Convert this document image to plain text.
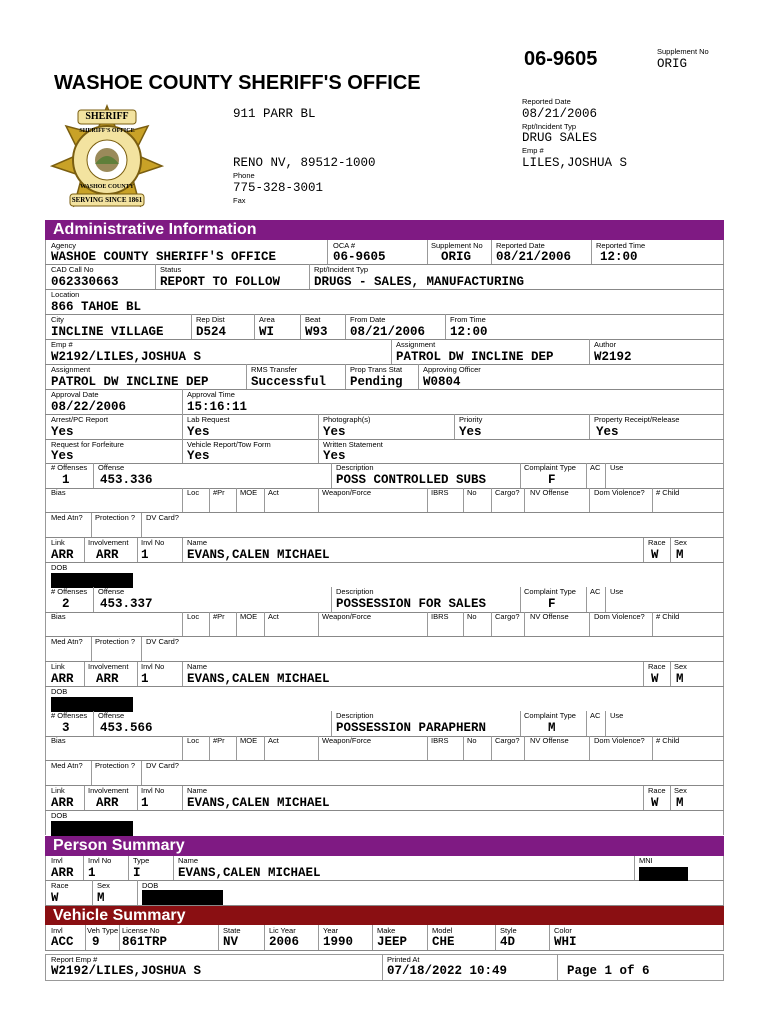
06-9605	Supplement No
ORIG
WASHOE COUNTY SHERIFF'S OFFICE
SHERIFF
SHERIFF'S OFFICE
WASHOE COUNTY
SERVING SINCE 1861
911 PARR BL
RENO NV, 89512-1000
Phone
775-328-3001
Fax
Reported Date
08/21/2006
Rpt/Incident Typ
DRUG SALES
Emp #
LILES,JOSHUA S
Administrative Information
Agency
WASHOE COUNTY SHERIFF'S OFFICE
OCA #
06-9605
Supplement No
ORIG
Reported Date
08/21/2006
Reported Time
12:00
CAD Call No
062330663
Status
REPORT TO FOLLOW
Rpt/Incident Typ
DRUGS - SALES, MANUFACTURING
Location
866 TAHOE BL
City
INCLINE VILLAGE
Rep Dist
D524
Area
WI
Beat
W93
From Date
08/21/2006
From Time
12:00
Emp #
W2192/LILES,JOSHUA S
Assignment
PATROL DW INCLINE DEP
Author
W2192
Assignment
PATROL DW INCLINE DEP
RMS Transfer
Successful
Prop Trans Stat
Pending
Approving Officer
W0804
Approval Date
08/22/2006
Approval Time
15:16:11
Arrest/PC Report
Yes
Lab Request
Yes
Photograph(s)
Yes
Priority
Yes
Property Receipt/Release
Yes
Request for Forfeiture
Yes
Vehicle Report/Tow Form
Yes
Written Statement
Yes
# Offenses
1
Offense
453.336
Description
POSS CONTROLLED SUBS
Complaint Type
F
AC Use
Bias	Loc #Pr MOE Act	Weapon/Force	IBRS No Cargo? NV Offense	Dom Violence? # Child
Med Atn? Protection ? DV Card?
Link
ARR
Involvement
ARR
Invl No
1
Name
EVANS,CALEN MICHAEL
Race
W
Sex
M
DOB
# Offenses
2
Offense
453.337
Description
POSSESSION FOR SALES
Complaint Type
F
AC Use
Bias	Loc #Pr MOE Act	Weapon/Force	IBRS No Cargo? NV Offense	Dom Violence? # Child
Med Atn? Protection ? DV Card?
Link
ARR
Involvement
ARR
Invl No
1
Name
EVANS,CALEN MICHAEL
Race
W
Sex
M
DOB
# Offenses
3
Offense
453.566
Description
POSSESSION PARAPHERN
Complaint Type
M
AC Use
Bias	Loc #Pr MOE Act	Weapon/Force	IBRS No Cargo? NV Offense	Dom Violence? # Child
Med Atn? Protection ? DV Card?
Link
ARR
Involvement
ARR
Invl No
1
Name
EVANS,CALEN MICHAEL
Race
W
Sex
M
DOB
Person Summary
Invl
ARR
Invl No
1
Type
I
Name
EVANS,CALEN MICHAEL
MNI
Race
W
Sex
M
DOB
Vehicle Summary
Invl
ACC
Veh Type
9
License No
861TRP
State
NV
Lic Year
2006
Year
1990
Make
JEEP
Model
CHE
Style
4D
Color
WHI
Report Emp #
W2192/LILES,JOSHUA S
Printed At
07/18/2022 10:49	Page 1 of 6
